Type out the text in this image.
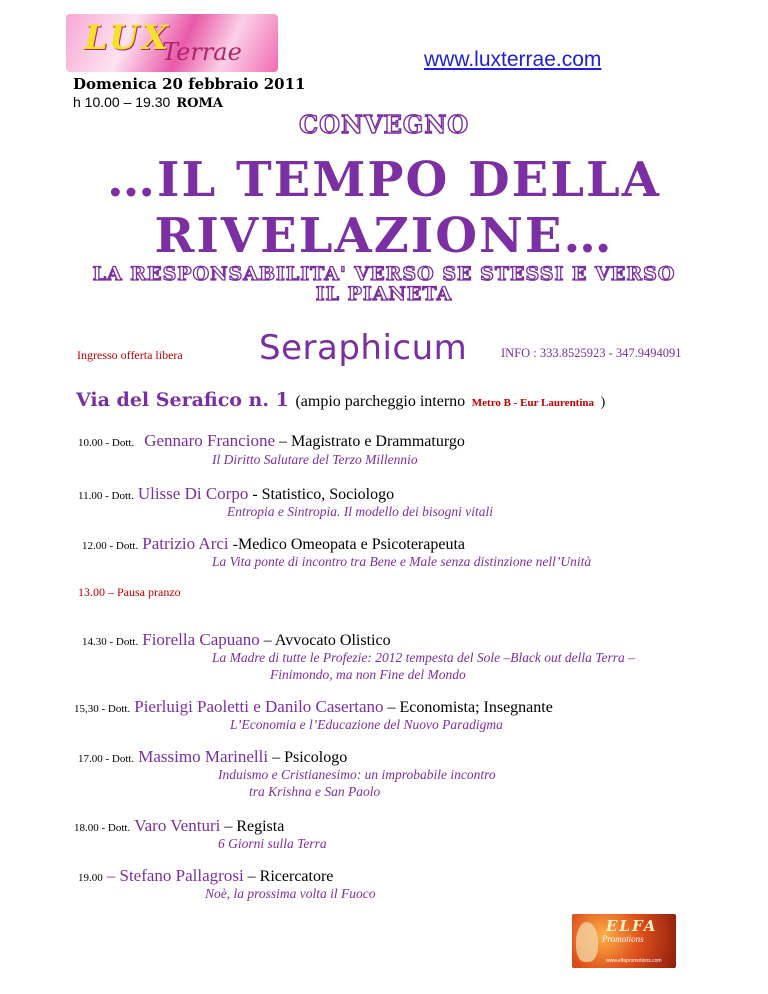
LUX
Terrae	www.luxterrae.com
Domenica 20 febbraio 2011
h 10.00 – 19.30 ROMA
CONVEGNO
…IL TEMPO DELLA
RIVELAZIONE…
LA RESPONSABILITA' VERSO SE STESSI E VERSO
IL PIANETA
Ingresso offerta libera Seraphicum	INFO : 333.8525923 - 347.9494091
Via del Serafico n. 1 (ampio parcheggio interno Metro B - Eur Laurentina )
10.00 - Dott. Gennaro Francione – Magistrato e Drammaturgo
Il Diritto Salutare del Terzo Millennio
11.00 - Dott. Ulisse Di Corpo - Statistico, Sociologo
Entropia e Sintropia. Il modello dei bisogni vitali
12.00 - Dott. Patrizio Arci -Medico Omeopata e Psicoterapeuta
La Vita ponte di incontro tra Bene e Male senza distinzione nell’Unità
13.00 – Pausa pranzo
14.30 - Dott. Fiorella Capuano – Avvocato Olistico
La Madre di tutte le Profezie: 2012 tempesta del Sole –Black out della Terra –
Finimondo, ma non Fine del Mondo
15,30 - Dott. Pierluigi Paoletti e Danilo Casertano – Economista; Insegnante
L’Economia e l’Educazione del Nuovo Paradigma
17.00 - Dott. Massimo Marinelli – Psicologo
Induismo e Cristianesimo: un improbabile incontro
tra Krishna e San Paolo
18.00 - Dott. Varo Venturi – Regista
6 Giorni sulla Terra
19.00 – Stefano Pallagrosi – Ricercatore
Noè, la prossima volta il Fuoco
ELFA
Promotions
www.elfapromotions.com
